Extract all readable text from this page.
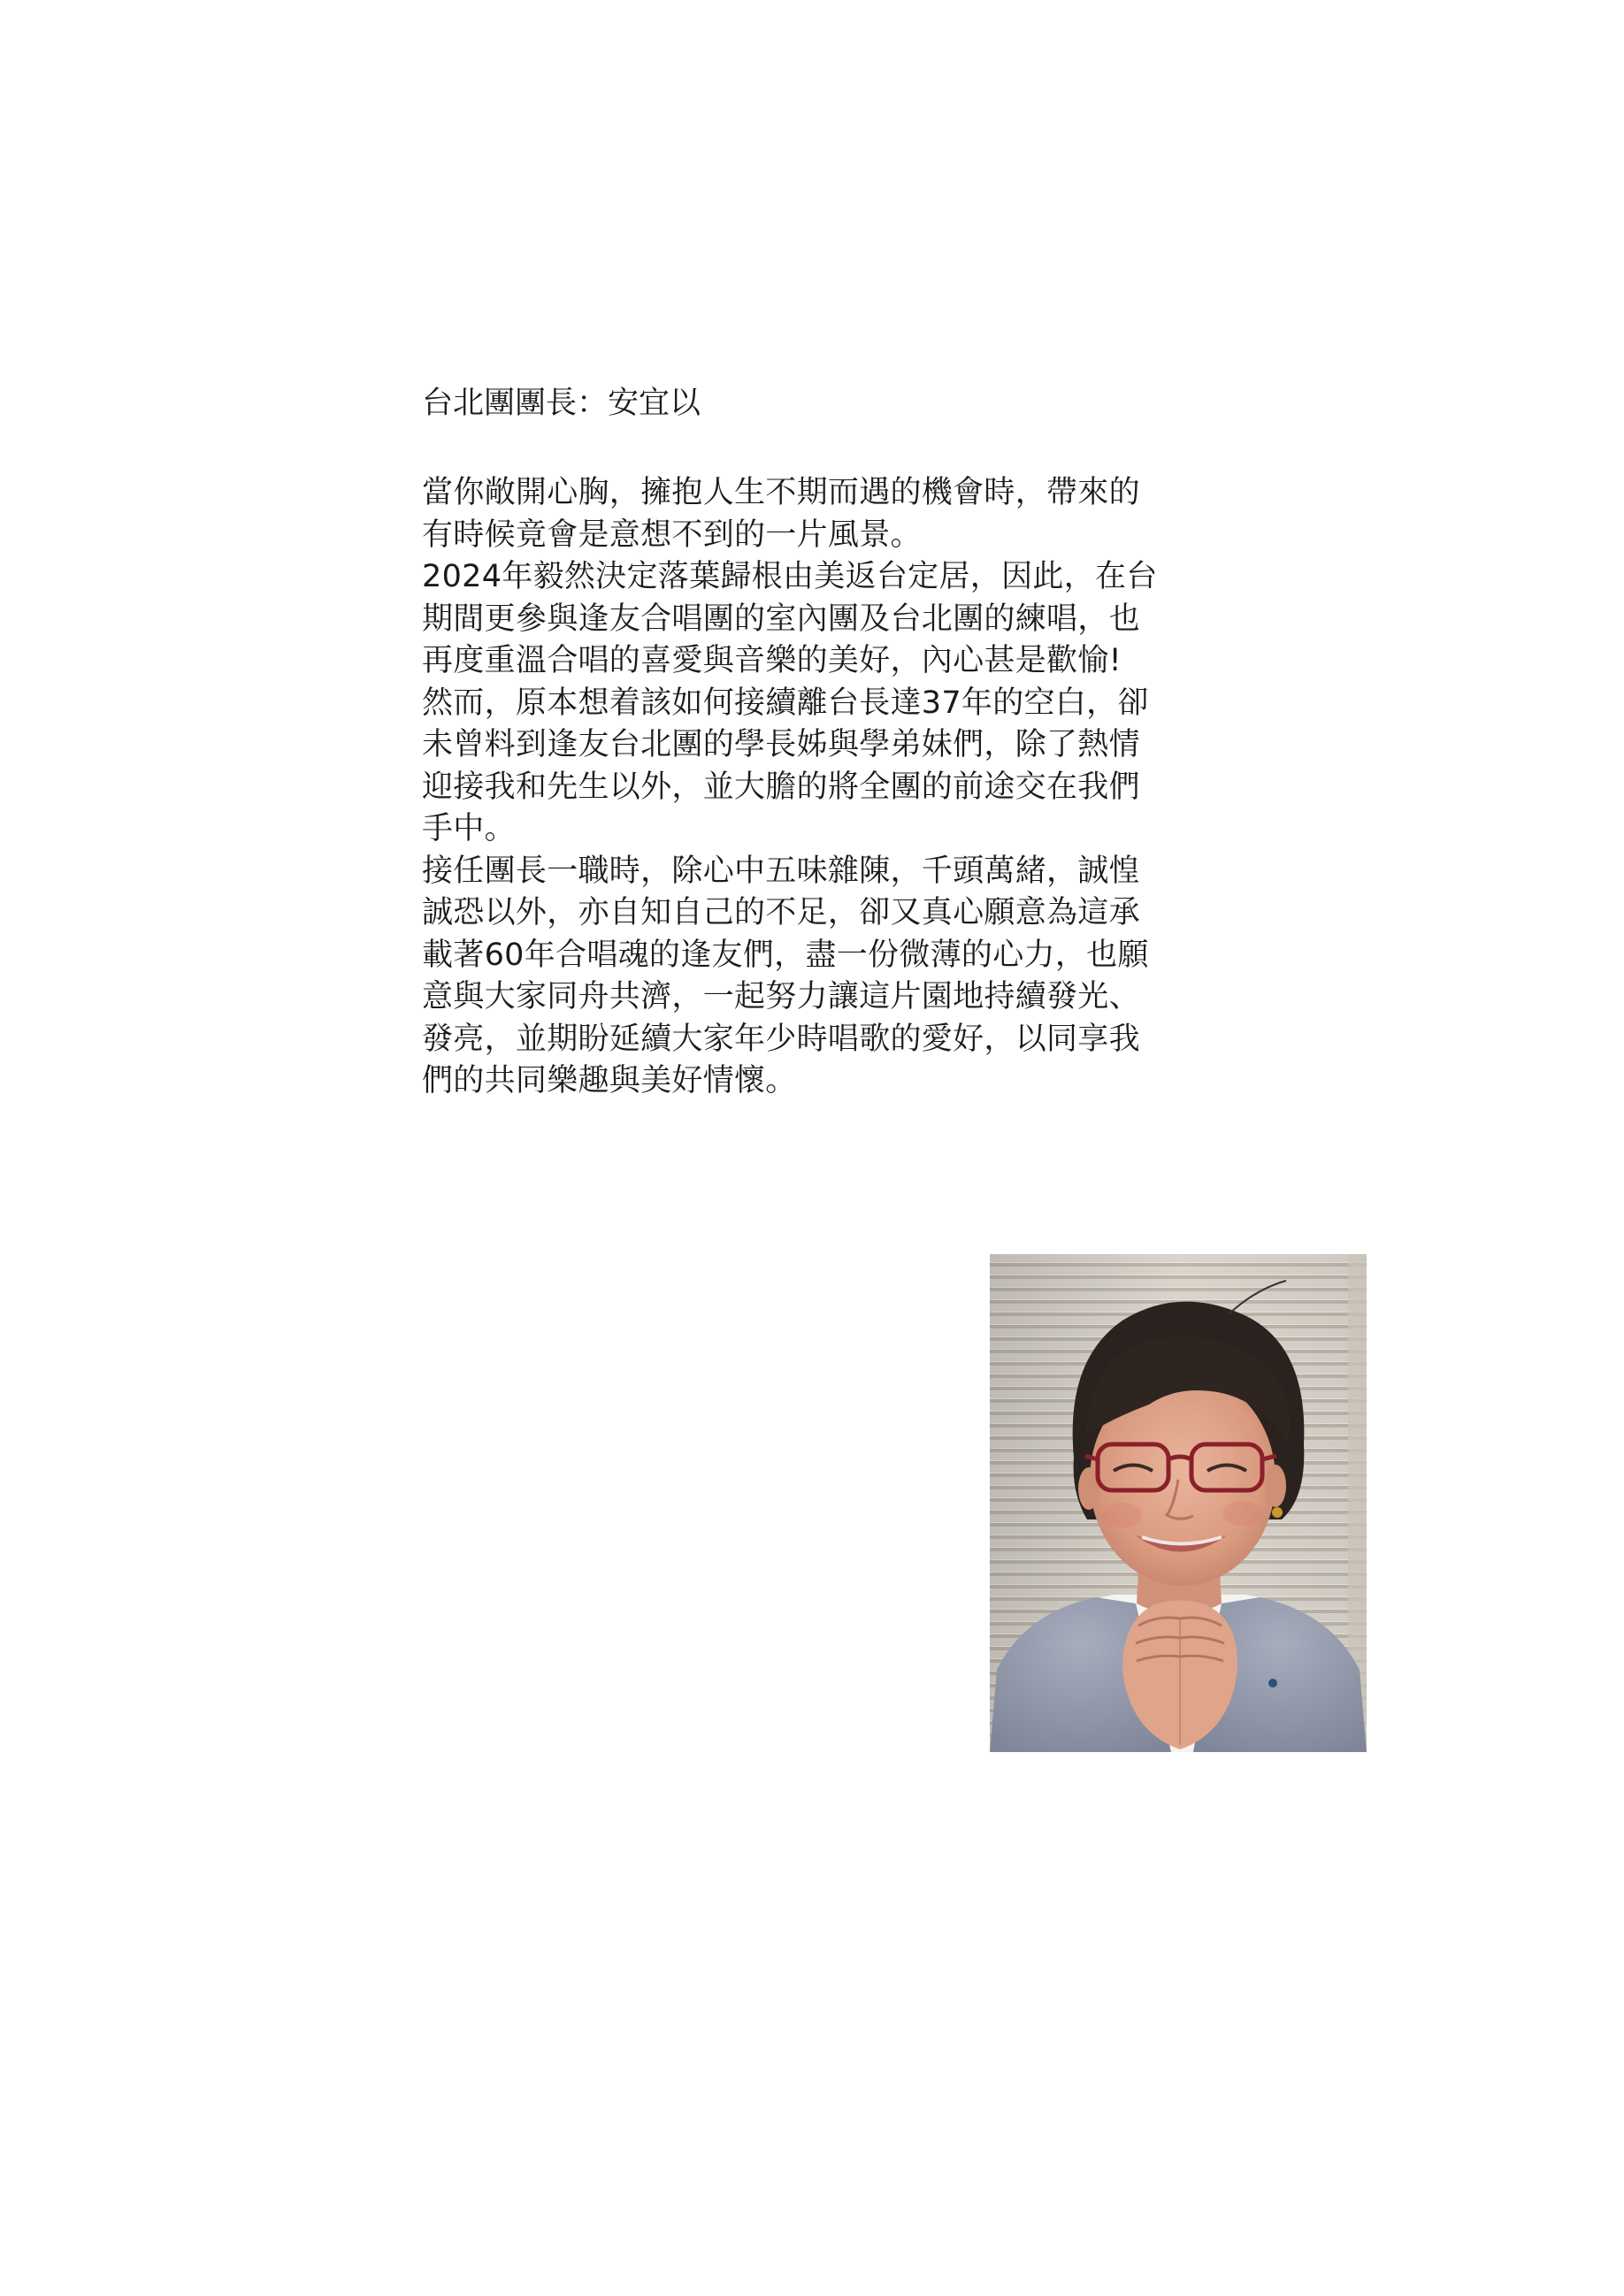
台北團團長：安宜以

當你敞開心胸，擁抱人生不期而遇的機會時，帶來的

有時候竟會是意想不到的一片風景。

2024年毅然決定落葉歸根由美返台定居，因此，在台

期間更參與逢友合唱團的室內團及台北團的練唱，也

再度重溫合唱的喜愛與音樂的美好，內心甚是歡愉!

然而，原本想着該如何接續離台長達37年的空白，卻

未曾料到逢友台北團的學長姊與學弟妹們，除了熱情

迎接我和先生以外，並大膽的將全團的前途交在我們

手中。

接任團長一職時，除心中五味雜陳，千頭萬緒，誠惶

誠恐以外，亦自知自己的不足，卻又真心願意為這承

載著60年合唱魂的逢友們，盡一份微薄的心力，也願

意與大家同舟共濟，一起努力讓這片園地持續發光、

發亮，並期盼延續大家年少時唱歌的愛好，以同享我

們的共同樂趣與美好情懷。
